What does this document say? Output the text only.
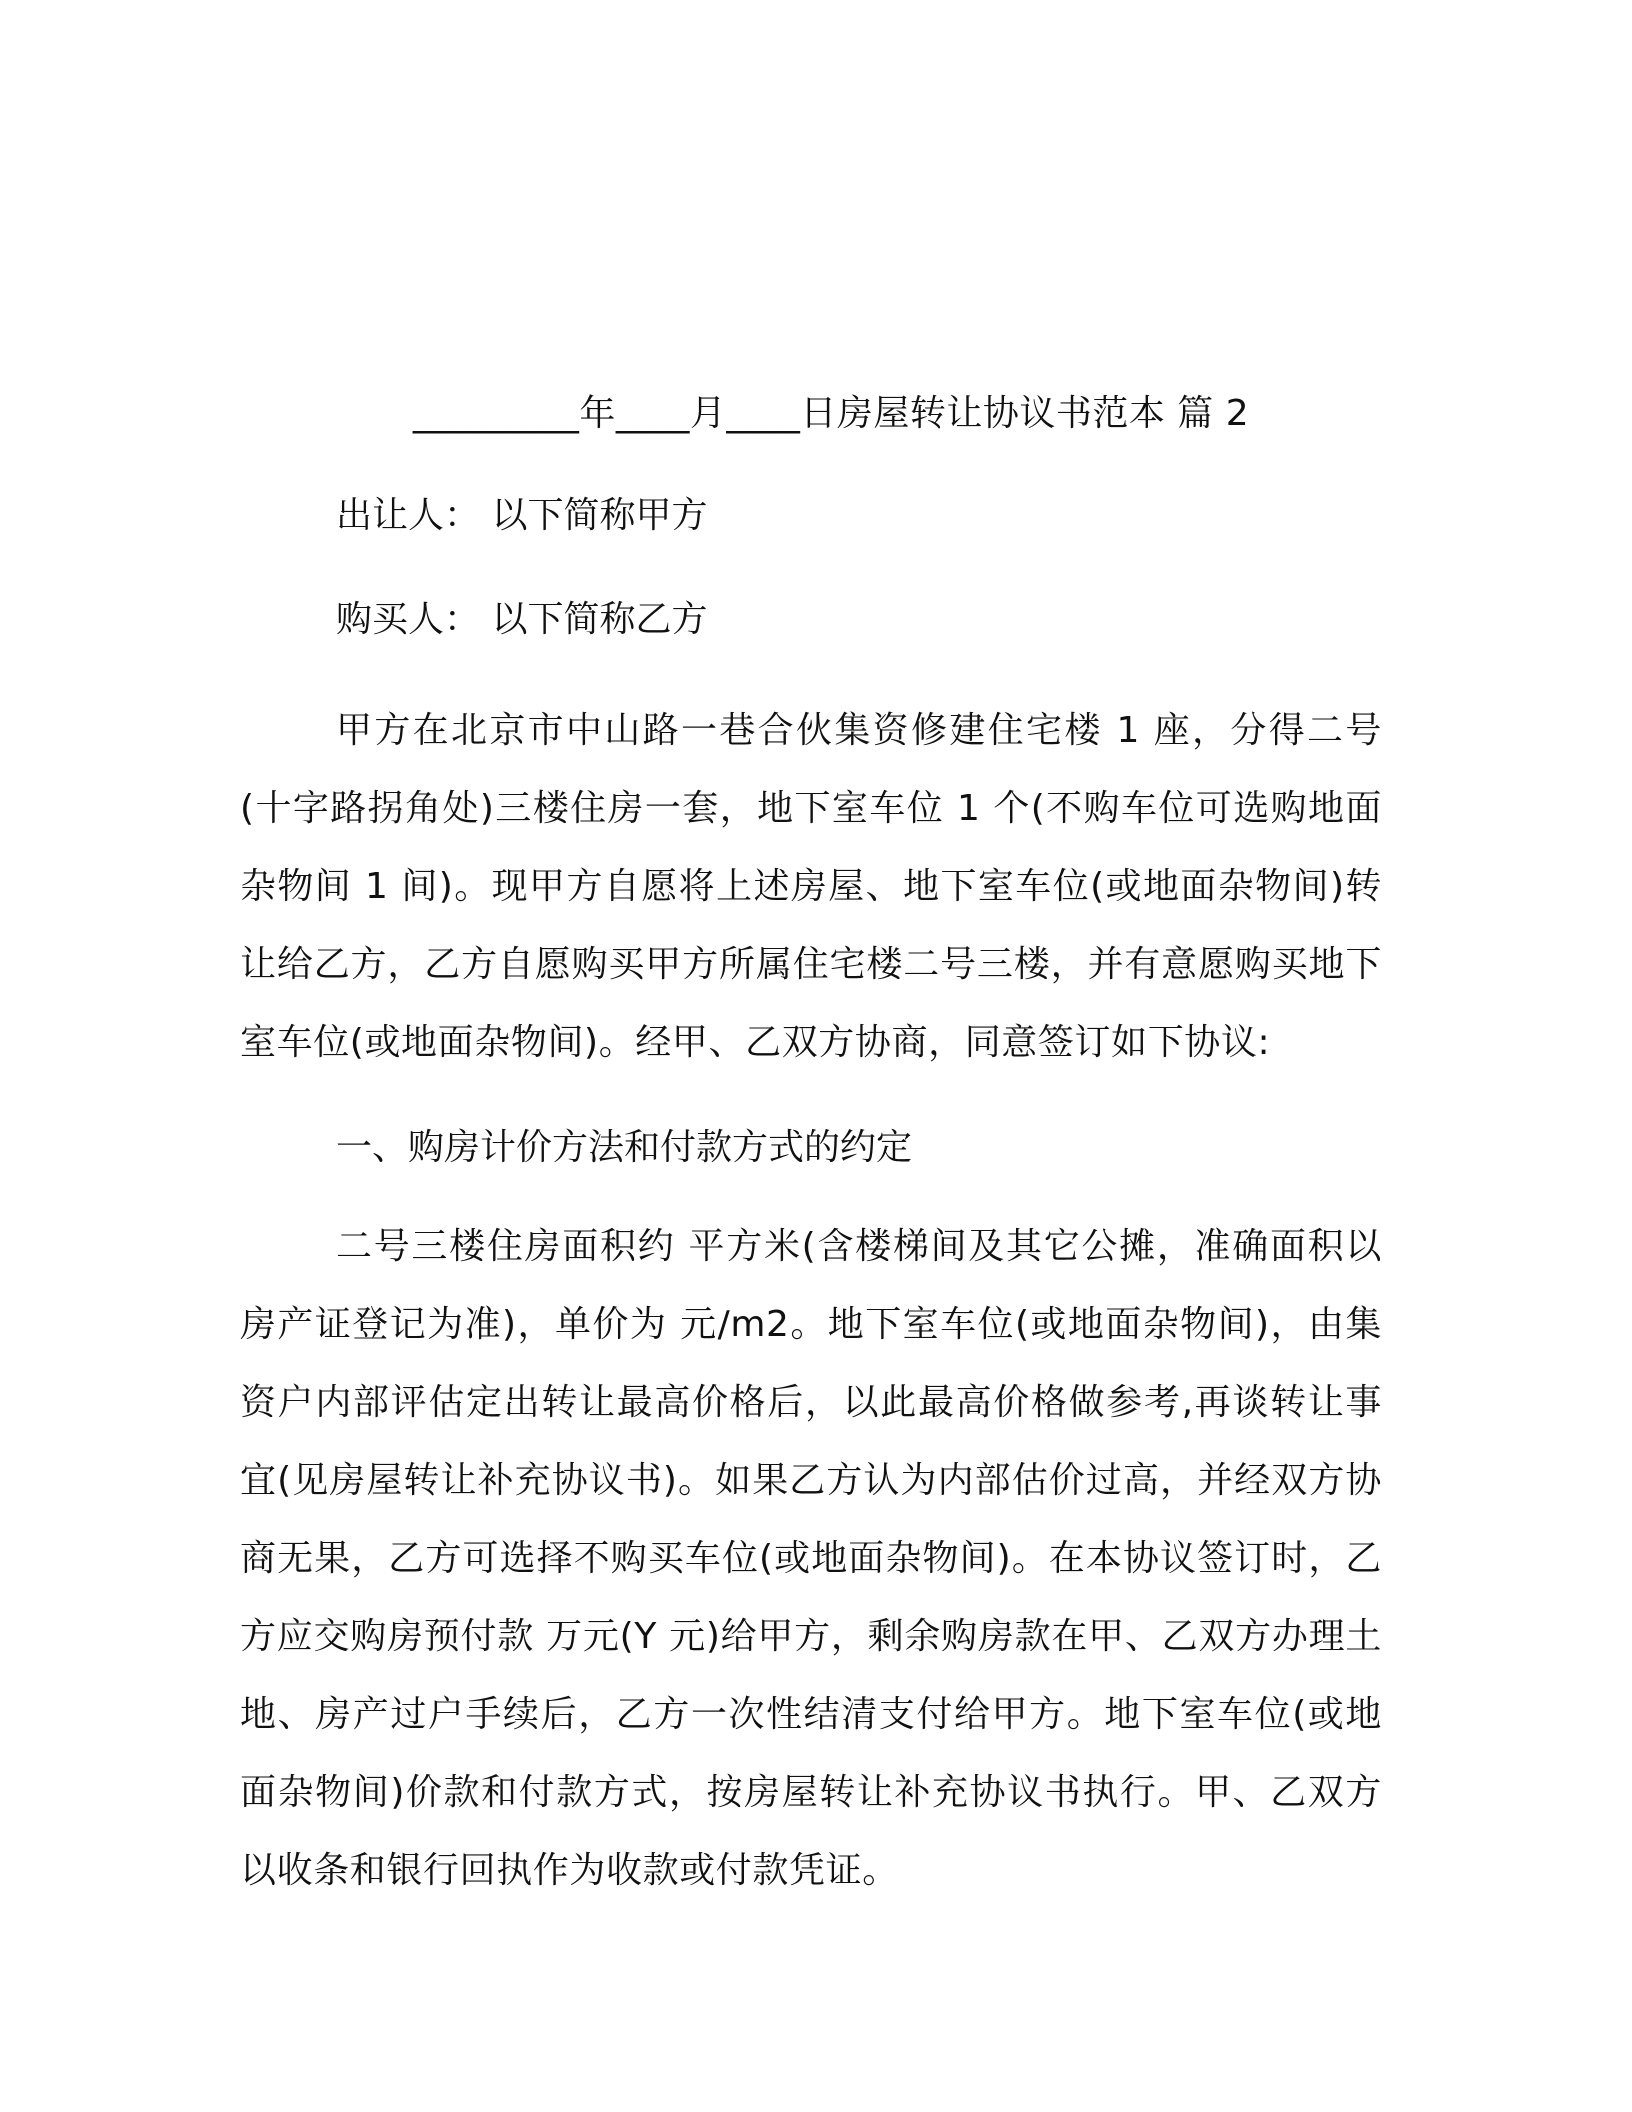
_________年____月____日房屋转让协议书范本 篇 2

出让人： 以下简称甲方

购买人： 以下简称乙方

甲方在北京市中山路一巷合伙集资修建住宅楼 1 座，分得二号(十字路拐角处)三楼住房一套，地下室车位 1 个(不购车位可选购地面杂物间 1 间)。现甲方自愿将上述房屋、地下室车位(或地面杂物间)转让给乙方，乙方自愿购买甲方所属住宅楼二号三楼，并有意愿购买地下室车位(或地面杂物间)。经甲、乙双方协商，同意签订如下协议:

一、购房计价方法和付款方式的约定

二号三楼住房面积约 平方米(含楼梯间及其它公摊，准确面积以房产证登记为准)，单价为 元/m2。地下室车位(或地面杂物间)，由集资户内部评估定出转让最高价格后，以此最高价格做参考,再谈转让事宜(见房屋转让补充协议书)。如果乙方认为内部估价过高，并经双方协商无果，乙方可选择不购买车位(或地面杂物间)。在本协议签订时，乙方应交购房预付款 万元(Y 元)给甲方，剩余购房款在甲、乙双方办理土地、房产过户手续后，乙方一次性结清支付给甲方。地下室车位(或地面杂物间)价款和付款方式，按房屋转让补充协议书执行。甲、乙双方以收条和银行回执作为收款或付款凭证。
